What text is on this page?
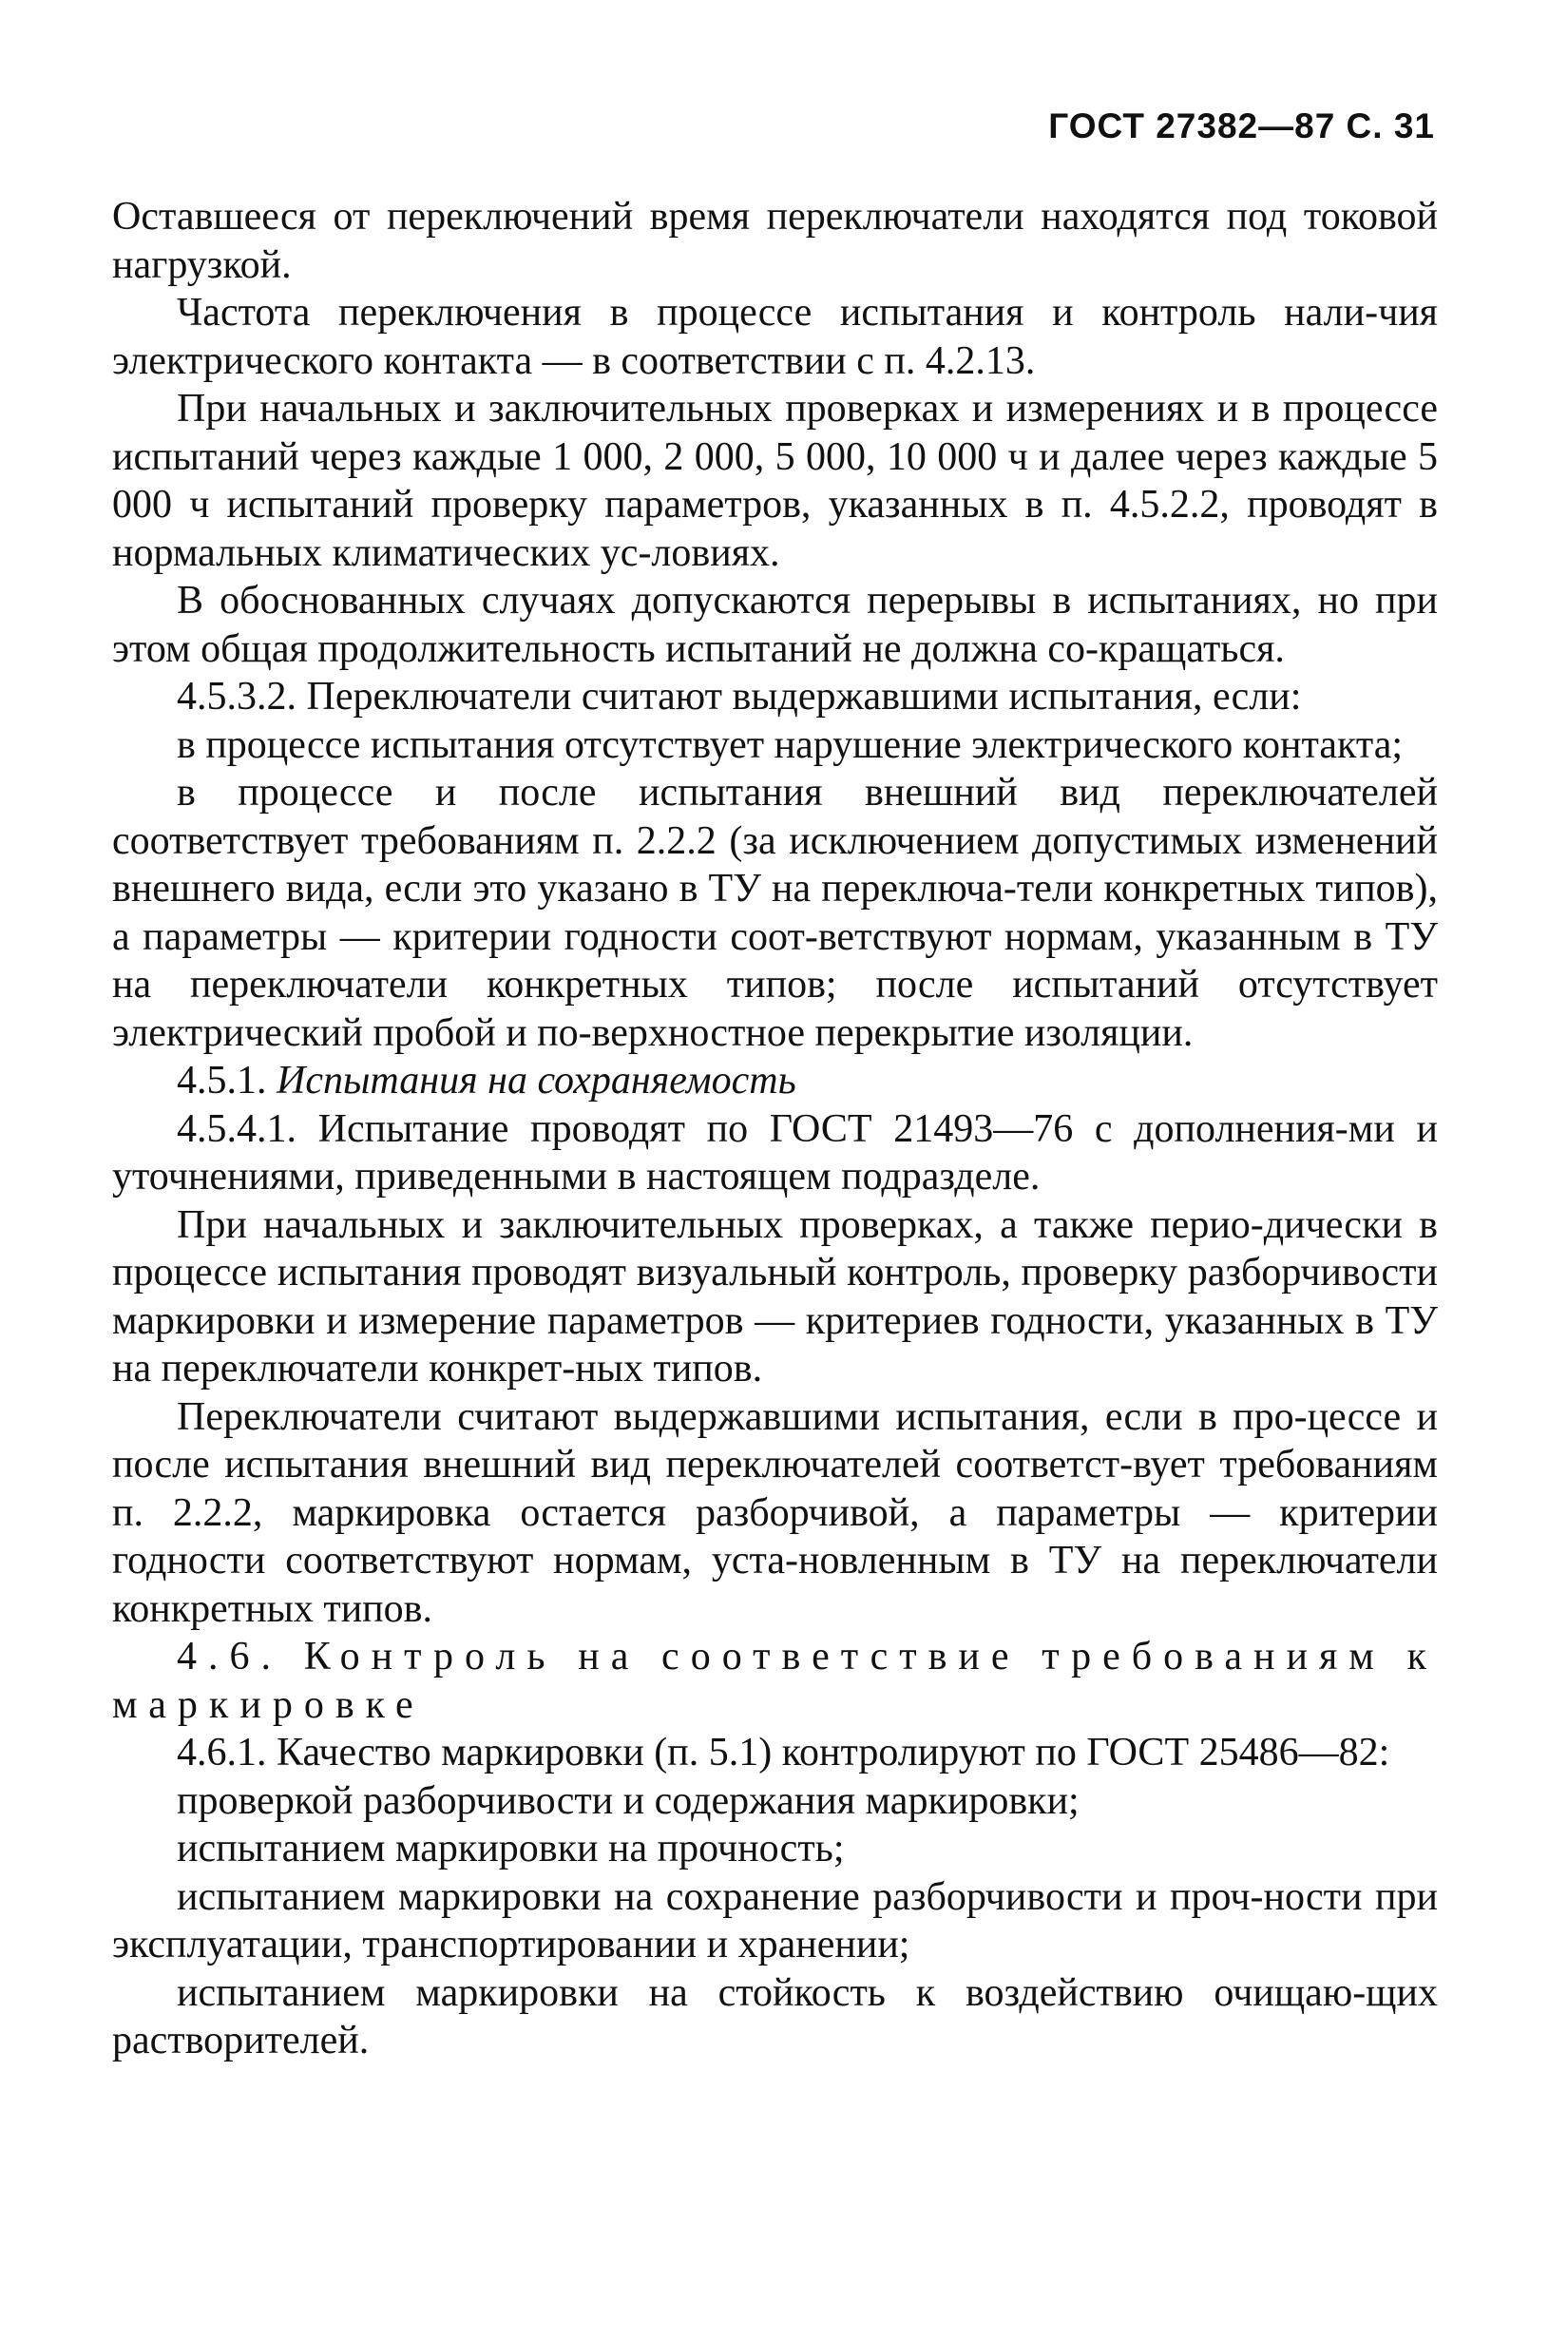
ГОСТ 27382—87 С. 31

Оставшееся от переключений время переключатели находятся под токовой нагрузкой.

Частота переключения в процессе испытания и контроль нали-чия электрического контакта — в соответствии с п. 4.2.13.

При начальных и заключительных проверках и измерениях и в процессе испытаний через каждые 1 000, 2 000, 5 000, 10 000 ч и далее через каждые 5 000 ч испытаний проверку параметров, указанных в п. 4.5.2.2, проводят в нормальных климатических ус-ловиях.

В обоснованных случаях допускаются перерывы в испытаниях, но при этом общая продолжительность испытаний не должна со-кращаться.

4.5.3.2. Переключатели считают выдержавшими испытания, если:

в процессе испытания отсутствует нарушение электрического контакта;

в процессе и после испытания внешний вид переключателей соответствует требованиям п. 2.2.2 (за исключением допустимых изменений внешнего вида, если это указано в ТУ на переключа-тели конкретных типов), а параметры — критерии годности соот-ветствуют нормам, указанным в ТУ на переключатели конкретных типов; после испытаний отсутствует электрический пробой и по-верхностное перекрытие изоляции.

4.5.1. Испытания на сохраняемость

4.5.4.1. Испытание проводят по ГОСТ 21493—76 с дополнения-ми и уточнениями, приведенными в настоящем подразделе.

При начальных и заключительных проверках, а также перио-дически в процессе испытания проводят визуальный контроль, проверку разборчивости маркировки и измерение параметров — критериев годности, указанных в ТУ на переключатели конкрет-ных типов.

Переключатели считают выдержавшими испытания, если в про-цессе и после испытания внешний вид переключателей соответст-вует требованиям п. 2.2.2, маркировка остается разборчивой, а параметры — критерии годности соответствуют нормам, уста-новленным в ТУ на переключатели конкретных типов.

4.6. Контроль на соответствие требованиям к маркировке

4.6.1. Качество маркировки (п. 5.1) контролируют по ГОСТ 25486—82:

проверкой разборчивости и содержания маркировки;

испытанием маркировки на прочность;

испытанием маркировки на сохранение разборчивости и проч-ности при эксплуатации, транспортировании и хранении;

испытанием маркировки на стойкость к воздействию очищаю-щих растворителей.
